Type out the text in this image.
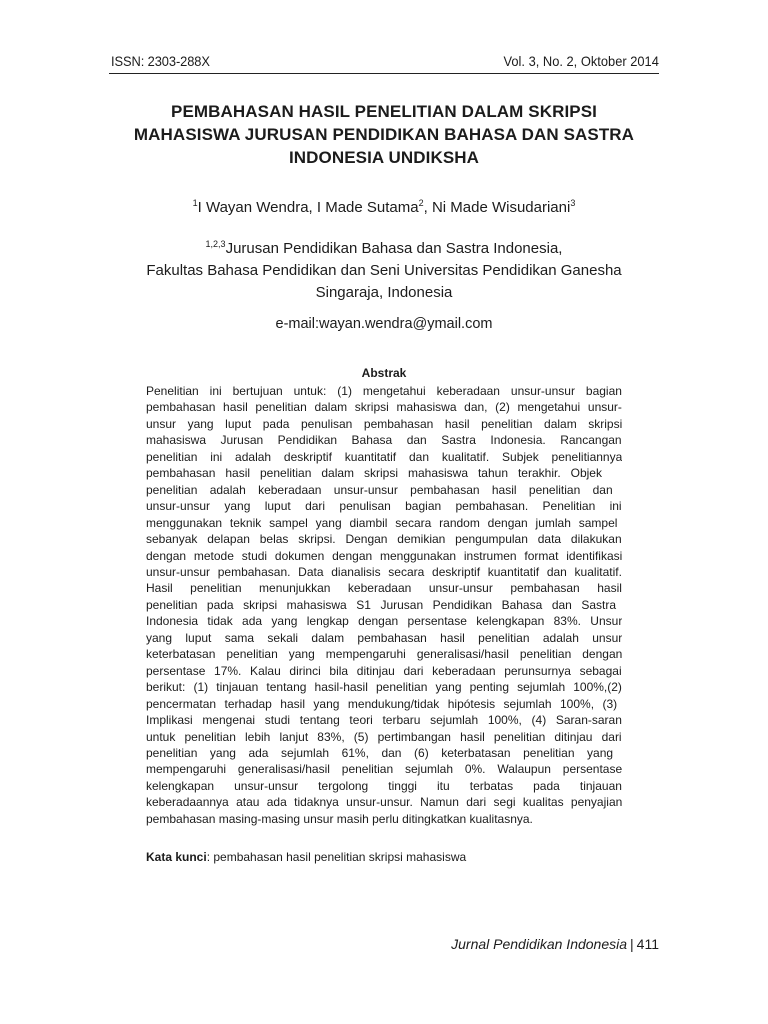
ISSN: 2303-288X	Vol. 3, No. 2, Oktober 2014
PEMBAHASAN HASIL PENELITIAN DALAM SKRIPSI
MAHASISWA JURUSAN PENDIDIKAN BAHASA DAN SASTRA
INDONESIA UNDIKSHA
$^1$I Wayan Wendra, I Made Sutama$^2$, Ni Made Wisudariani$^3$
$^{1,2,3}$Jurusan Pendidikan Bahasa dan Sastra Indonesia,
Fakultas Bahasa Pendidikan dan Seni Universitas Pendidikan Ganesha
Singaraja, Indonesia
e-mail:wayan.wendra@ymail.com
Abstrak
Penelitian ini bertujuan untuk: (1) mengetahui keberadaan unsur-unsur bagian
pembahasan hasil penelitian dalam skripsi mahasiswa dan, (2) mengetahui unsur-
unsur yang luput pada penulisan pembahasan hasil penelitian dalam skripsi
mahasiswa Jurusan Pendidikan Bahasa dan Sastra Indonesia. Rancangan
penelitian ini adalah deskriptif kuantitatif dan kualitatif. Subjek penelitiannya
pembahasan hasil penelitian dalam skripsi mahasiswa tahun terakhir. Objek
penelitian adalah keberadaan unsur-unsur pembahasan hasil penelitian dan
unsur-unsur yang luput dari penulisan bagian pembahasan. Penelitian ini
menggunakan teknik sampel yang diambil secara random dengan jumlah sampel
sebanyak delapan belas skripsi. Dengan demikian pengumpulan data dilakukan
dengan metode studi dokumen dengan menggunakan instrumen format identifikasi
unsur-unsur pembahasan. Data dianalisis secara deskriptif kuantitatif dan kualitatif.
Hasil penelitian menunjukkan keberadaan unsur-unsur pembahasan hasil
penelitian pada skripsi mahasiswa S1 Jurusan Pendidikan Bahasa dan Sastra
Indonesia tidak ada yang lengkap dengan persentase kelengkapan 83%. Unsur
yang luput sama sekali dalam pembahasan hasil penelitian adalah unsur
keterbatasan penelitian yang mempengaruhi generalisasi/hasil penelitian dengan
persentase 17%. Kalau dirinci bila ditinjau dari keberadaan perunsurnya sebagai
berikut: (1) tinjauan tentang hasil-hasil penelitian yang penting sejumlah 100%,(2)
pencermatan terhadap hasil yang mendukung/tidak hipótesis sejumlah 100%, (3)
Implikasi mengenai studi tentang teori terbaru sejumlah 100%, (4) Saran-saran
untuk penelitian lebih lanjut 83%, (5) pertimbangan hasil penelitian ditinjau dari
penelitian yang ada sejumlah 61%, dan (6) keterbatasan penelitian yang
mempengaruhi generalisasi/hasil penelitian sejumlah 0%. Walaupun persentase
kelengkapan unsur-unsur tergolong tinggi itu terbatas pada tinjauan
keberadaannya atau ada tidaknya unsur-unsur. Namun dari segi kualitas penyajian
pembahasan masing-masing unsur masih perlu ditingkatkan kualitasnya.
Kata kunci: pembahasan hasil penelitian skripsi mahasiswa
Jurnal Pendidikan Indonesia | 411
